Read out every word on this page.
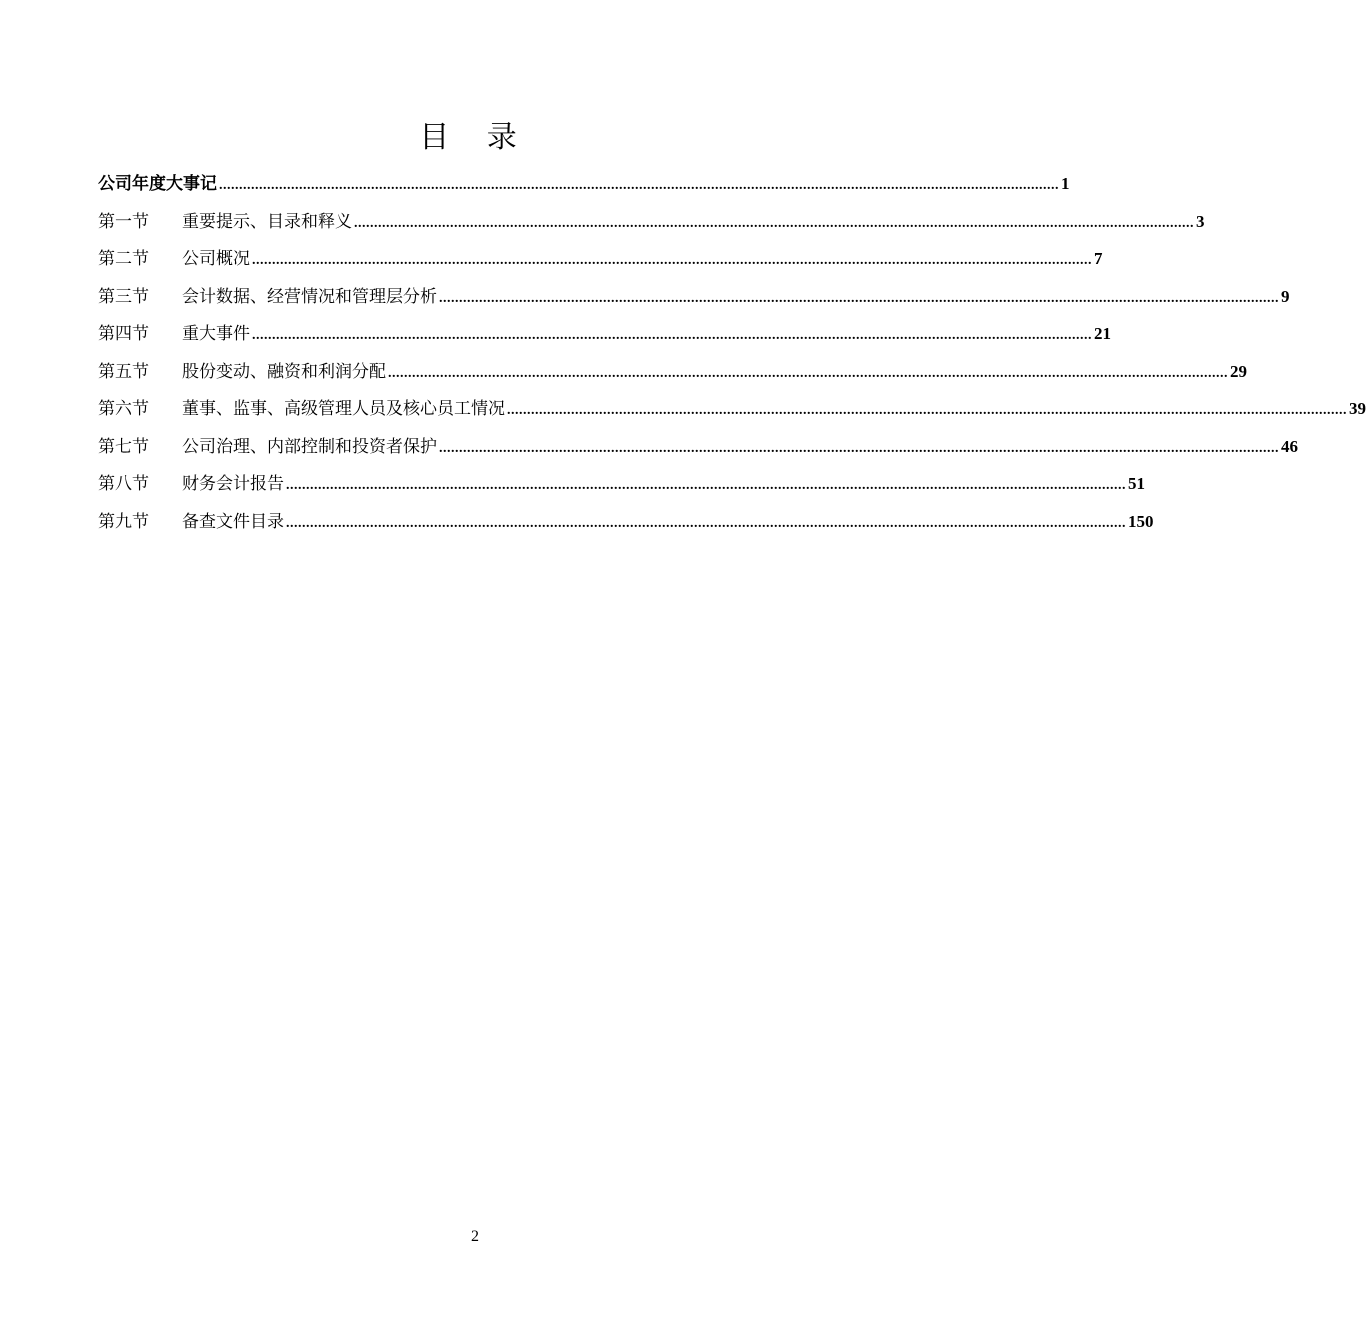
目 录
公司年度大事记 .................................................................................................................................................................................................................. 1
第一节	重要提示、目录和释义 .................................................................................................................................................................................................................. 3
第二节	公司概况 .................................................................................................................................................................................................................. 7
第三节	会计数据、经营情况和管理层分析 .................................................................................................................................................................................................................. 9
第四节	重大事件 .................................................................................................................................................................................................................. 21
第五节	股份变动、融资和利润分配 .................................................................................................................................................................................................................. 29
第六节	董事、监事、高级管理人员及核心员工情况 .................................................................................................................................................................................................................. 39
第七节	公司治理、内部控制和投资者保护 .................................................................................................................................................................................................................. 46
第八节	财务会计报告 .................................................................................................................................................................................................................. 51
第九节	备查文件目录 .................................................................................................................................................................................................................. 150
2
